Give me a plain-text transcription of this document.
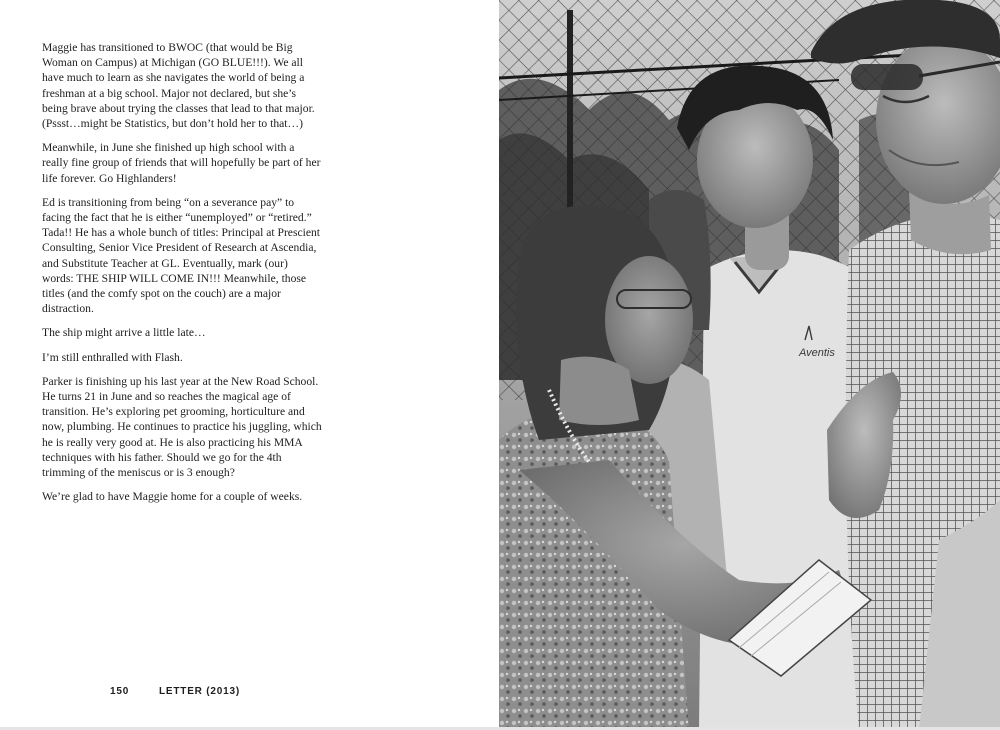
Maggie has transitioned to BWOC (that would be Big Woman on Campus) at Michigan (GO BLUE!!!). We all have much to learn as she navigates the world of being a freshman at a big school. Major not declared, but she’s being brave about trying the classes that lead to that major. (Pssst…might be Statistics, but don’t hold her to that…)

Meanwhile, in June she finished up high school with a really fine group of friends that will hopefully be part of her life forever. Go Highlanders!

Ed is transitioning from being “on a severance pay” to facing the fact that he is either “unemployed” or “retired.” Tada!! He has a whole bunch of titles: Principal at Prescient Consulting, Senior Vice President of Research at Ascendia, and Substitute Teacher at GL. Eventually, mark (our) words: THE SHIP WILL COME IN!!! Meanwhile, those titles (and the comfy spot on the couch) are a major distraction.

The ship might arrive a little late…

I’m still enthralled with Flash.

Parker is finishing up his last year at the New Road School. He turns 21 in June and so reaches the magical age of transition. He’s exploring pet grooming, horticulture and now, plumbing. He continues to practice his juggling, which he is really very good at. He is also practicing his MMA techniques with his father. Should we go for the 4th trimming of the meniscus or is 3 enough?

We’re glad to have Maggie home for a couple of weeks.

150	LETTER (2013)
Aventis
